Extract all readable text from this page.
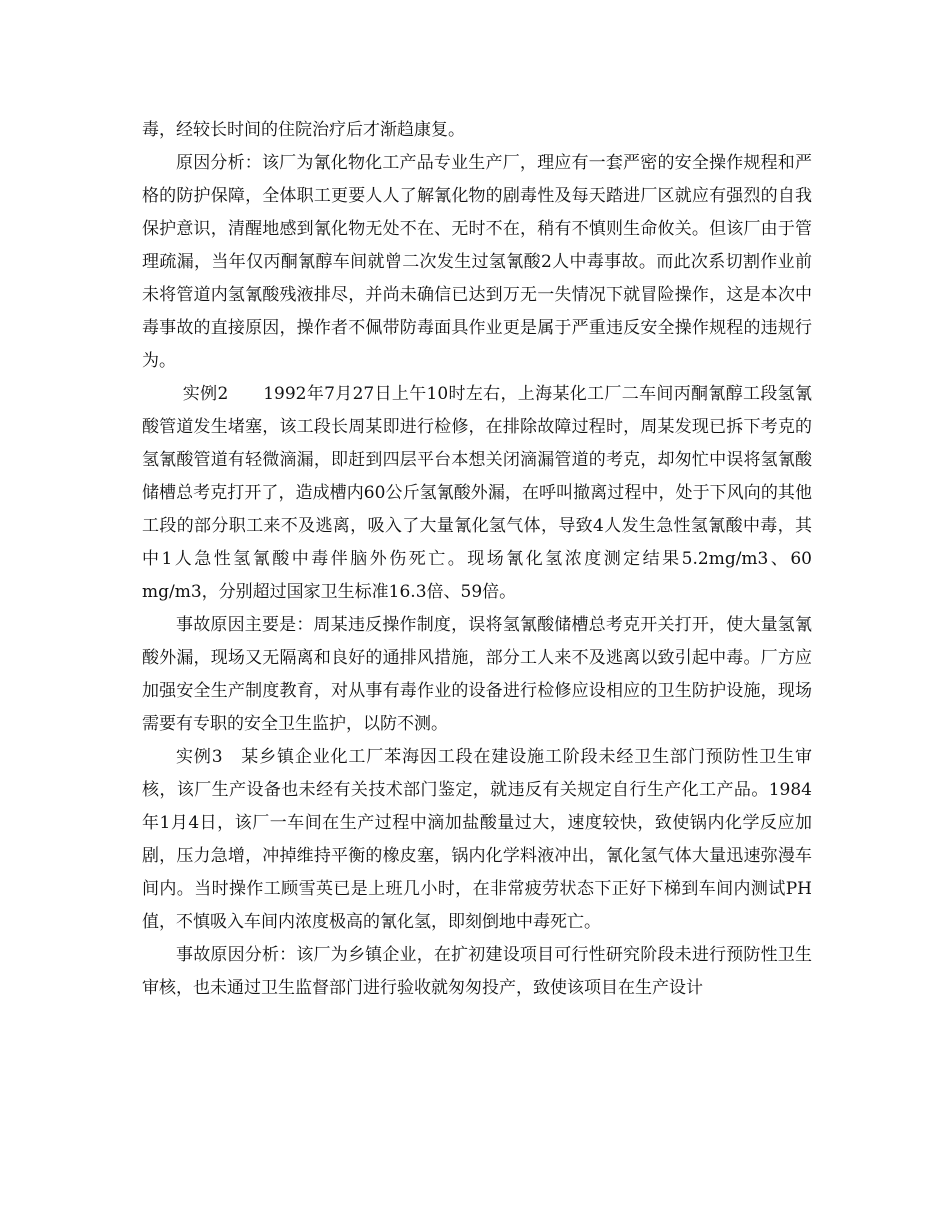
毒，经较长时间的住院治疗后才渐趋康复。

原因分析：该厂为氰化物化工产品专业生产厂，理应有一套严密的安全操作规程和严格的防护保障，全体职工更要人人了解氰化物的剧毒性及每天踏进厂区就应有强烈的自我保护意识，清醒地感到氰化物无处不在、无时不在，稍有不慎则生命攸关。但该厂由于管理疏漏，当年仅丙酮氰醇车间就曾二次发生过氢氰酸2人中毒事故。而此次系切割作业前未将管道内氢氰酸残液排尽，并尚未确信已达到万无一失情况下就冒险操作，这是本次中毒事故的直接原因，操作者不佩带防毒面具作业更是属于严重违反安全操作规程的违规行为。

实例2　　1992年7月27日上午10时左右，上海某化工厂二车间丙酮氰醇工段氢氰酸管道发生堵塞，该工段长周某即进行检修，在排除故障过程时，周某发现已拆下考克的氢氰酸管道有轻微滴漏，即赶到四层平台本想关闭滴漏管道的考克，却匆忙中误将氢氰酸储槽总考克打开了，造成槽内60公斤氢氰酸外漏，在呼叫撤离过程中，处于下风向的其他工段的部分职工来不及逃离，吸入了大量氰化氢气体，导致4人发生急性氢氰酸中毒，其中1人急性氢氰酸中毒伴脑外伤死亡。现场氰化氢浓度测定结果5.2mg/m3、60 mg/m3，分别超过国家卫生标准16.3倍、59倍。

事故原因主要是：周某违反操作制度，误将氢氰酸储槽总考克开关打开，使大量氢氰酸外漏，现场又无隔离和良好的通排风措施，部分工人来不及逃离以致引起中毒。厂方应加强安全生产制度教育，对从事有毒作业的设备进行检修应设相应的卫生防护设施，现场需要有专职的安全卫生监护，以防不测。

实例3　某乡镇企业化工厂苯海因工段在建设施工阶段未经卫生部门预防性卫生审核，该厂生产设备也未经有关技术部门鉴定，就违反有关规定自行生产化工产品。1984年1月4日，该厂一车间在生产过程中滴加盐酸量过大，速度较快，致使锅内化学反应加剧，压力急增，冲掉维持平衡的橡皮塞，锅内化学料液冲出，氰化氢气体大量迅速弥漫车间内。当时操作工顾雪英已是上班几小时，在非常疲劳状态下正好下梯到车间内测试PH值，不慎吸入车间内浓度极高的氰化氢，即刻倒地中毒死亡。

事故原因分析：该厂为乡镇企业，在扩初建设项目可行性研究阶段未进行预防性卫生审核，也未通过卫生监督部门进行验收就匆匆投产，致使该项目在生产设计
